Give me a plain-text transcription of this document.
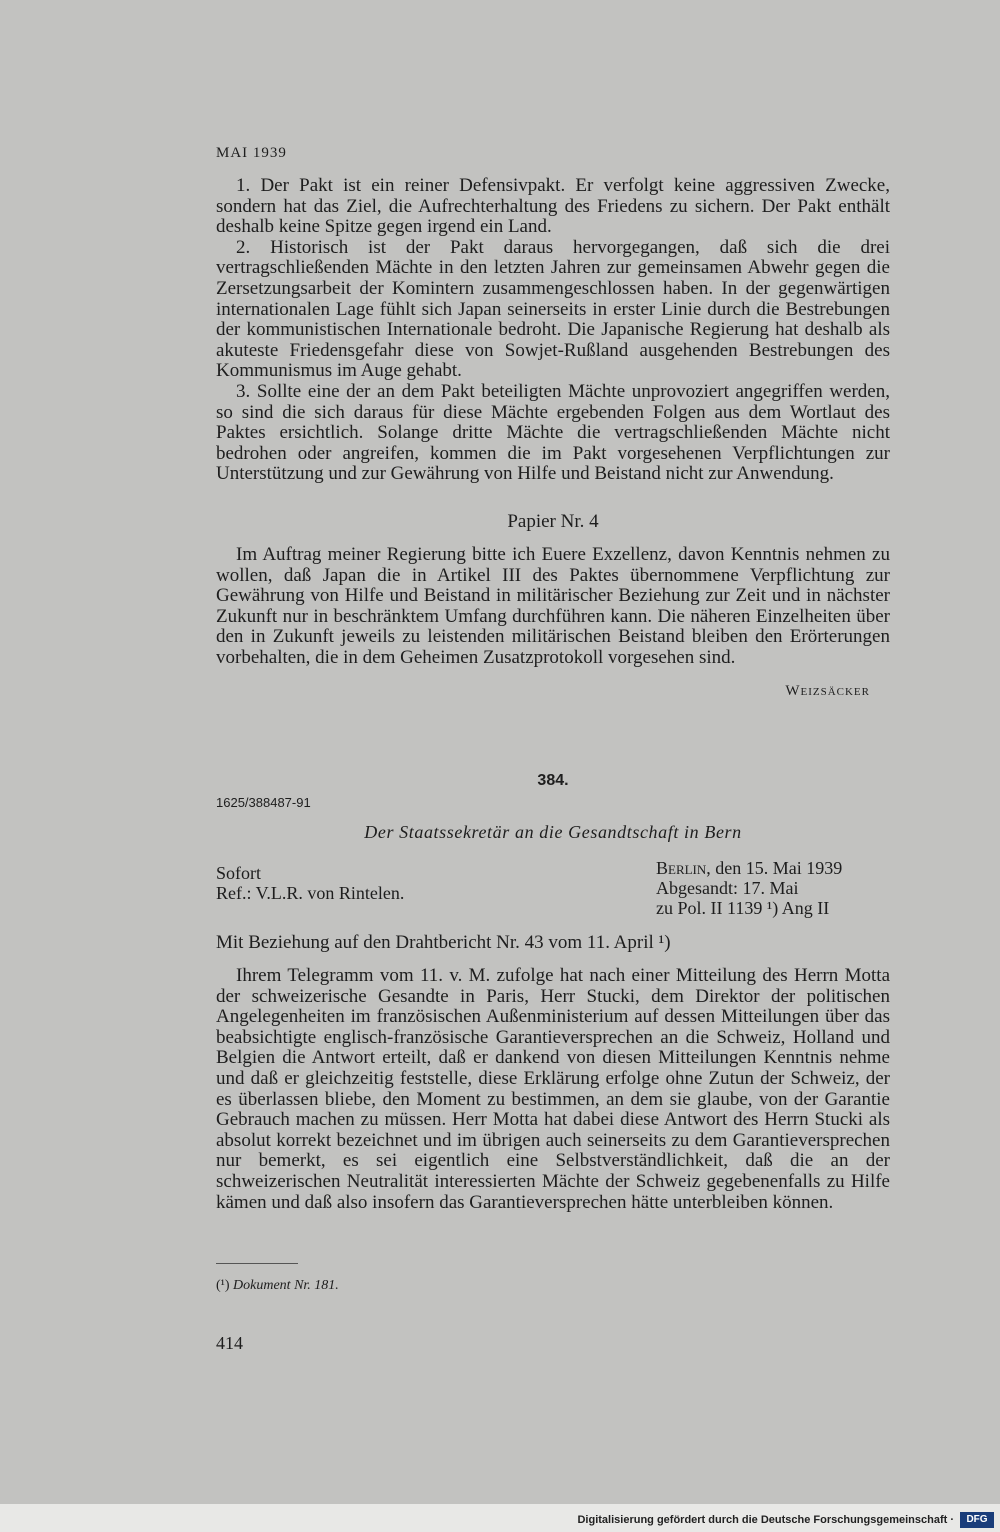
MAI 1939

1. Der Pakt ist ein reiner Defensivpakt. Er verfolgt keine aggressiven Zwecke, sondern hat das Ziel, die Aufrechterhaltung des Friedens zu sichern. Der Pakt enthält deshalb keine Spitze gegen irgend ein Land.

2. Historisch ist der Pakt daraus hervorgegangen, daß sich die drei vertragschließenden Mächte in den letzten Jahren zur gemeinsamen Abwehr gegen die Zersetzungsarbeit der Komintern zusammengeschlossen haben. In der gegenwärtigen internationalen Lage fühlt sich Japan seinerseits in erster Linie durch die Bestrebungen der kommunistischen Internationale bedroht. Die Japanische Regierung hat deshalb als akuteste Friedensgefahr diese von Sowjet-Rußland ausgehenden Bestrebungen des Kommunismus im Auge gehabt.

3. Sollte eine der an dem Pakt beteiligten Mächte unprovoziert angegriffen werden, so sind die sich daraus für diese Mächte ergebenden Folgen aus dem Wortlaut des Paktes ersichtlich. Solange dritte Mächte die vertragschließenden Mächte nicht bedrohen oder angreifen, kommen die im Pakt vorgesehenen Verpflichtungen zur Unterstützung und zur Gewährung von Hilfe und Beistand nicht zur Anwendung.

Papier Nr. 4

Im Auftrag meiner Regierung bitte ich Euere Exzellenz, davon Kenntnis nehmen zu wollen, daß Japan die in Artikel III des Paktes übernommene Verpflichtung zur Gewährung von Hilfe und Beistand in militärischer Beziehung zur Zeit und in nächster Zukunft nur in beschränktem Umfang durchführen kann. Die näheren Einzelheiten über den in Zukunft jeweils zu leistenden militärischen Beistand bleiben den Erörterungen vorbehalten, die in dem Geheimen Zusatzprotokoll vorgesehen sind.

Weizsäcker
384.
1625/388487-91
Der Staatssekretär an die Gesandtschaft in Bern
Sofort
Ref.: V.L.R. von Rintelen.
Berlin, den 15. Mai 1939
Abgesandt: 17. Mai
zu Pol. II 1139 ¹) Ang II

Mit Beziehung auf den Drahtbericht Nr. 43 vom 11. April ¹)

Ihrem Telegramm vom 11. v. M. zufolge hat nach einer Mitteilung des Herrn Motta der schweizerische Gesandte in Paris, Herr Stucki, dem Direktor der politischen Angelegenheiten im französischen Außenministerium auf dessen Mitteilungen über das beabsichtigte englisch-französische Garantieversprechen an die Schweiz, Holland und Belgien die Antwort erteilt, daß er dankend von diesen Mitteilungen Kenntnis nehme und daß er gleichzeitig feststelle, diese Erklärung erfolge ohne Zutun der Schweiz, der es überlassen bliebe, den Moment zu bestimmen, an dem sie glaube, von der Garantie Gebrauch machen zu müssen. Herr Motta hat dabei diese Antwort des Herrn Stucki als absolut korrekt bezeichnet und im übrigen auch seinerseits zu dem Garantieversprechen nur bemerkt, es sei eigentlich eine Selbstverständlichkeit, daß die an der schweizerischen Neutralität interessierten Mächte der Schweiz gegebenenfalls zu Hilfe kämen und daß also insofern das Garantieversprechen hätte unterbleiben können.

(¹) Dokument Nr. 181.
414
Digitalisierung gefördert durch die Deutsche Forschungsgemeinschaft ·	DFG
